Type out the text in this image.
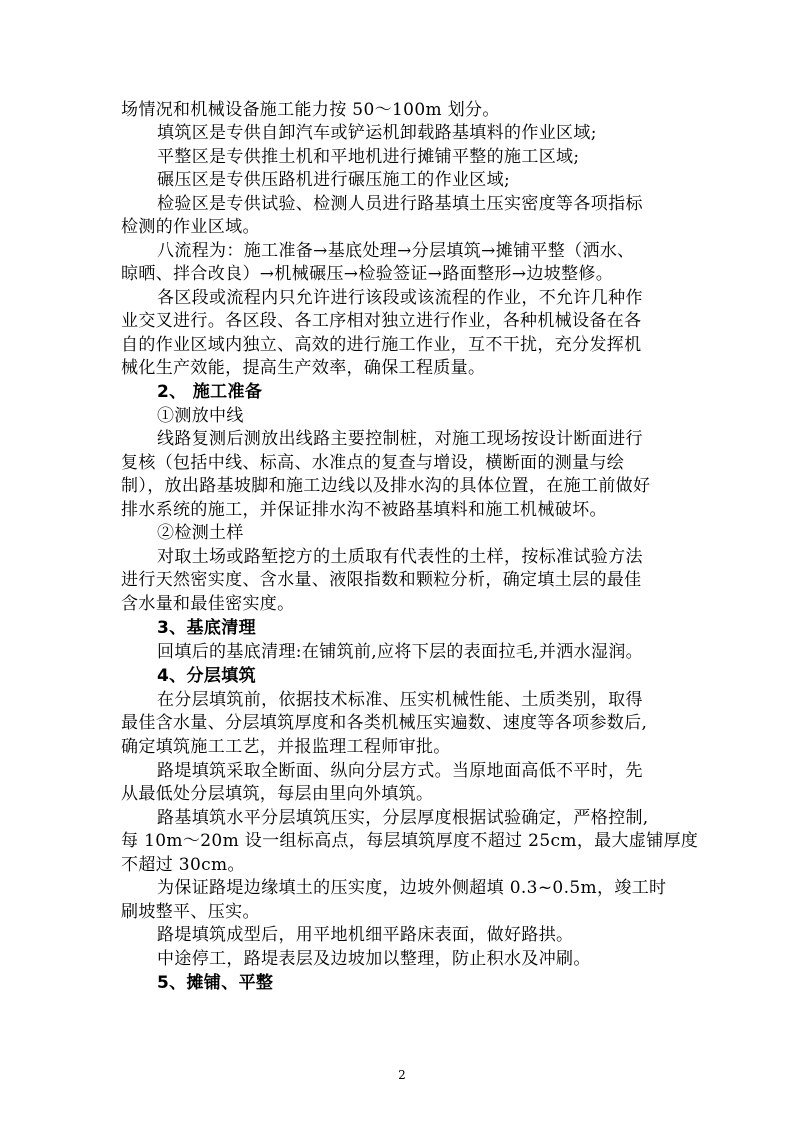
场情况和机械设备施工能力按 50～100m 划分。
填筑区是专供自卸汽车或铲运机卸载路基填料的作业区域;
平整区是专供推土机和平地机进行摊铺平整的施工区域;
碾压区是专供压路机进行碾压施工的作业区域;
检验区是专供试验、检测人员进行路基填土压实密度等各项指标
检测的作业区域。
八流程为：施工准备→基底处理→分层填筑→摊铺平整（洒水、
晾晒、拌合改良）→机械碾压→检验签证→路面整形→边坡整修。
各区段或流程内只允许进行该段或该流程的作业，不允许几种作
业交叉进行。各区段、各工序相对独立进行作业，各种机械设备在各
自的作业区域内独立、高效的进行施工作业，互不干扰，充分发挥机
械化生产效能，提高生产效率，确保工程质量。
2、 施工准备
①测放中线
线路复测后测放出线路主要控制桩，对施工现场按设计断面进行
复核（包括中线、标高、水准点的复查与增设，横断面的测量与绘
制），放出路基坡脚和施工边线以及排水沟的具体位置，在施工前做好
排水系统的施工，并保证排水沟不被路基填料和施工机械破坏。
②检测土样
对取土场或路堑挖方的土质取有代表性的土样，按标准试验方法
进行天然密实度、含水量、液限指数和颗粒分析，确定填土层的最佳
含水量和最佳密实度。
3、基底清理
回填后的基底清理:在铺筑前,应将下层的表面拉毛,并洒水湿润。
4、分层填筑
在分层填筑前，依据技术标准、压实机械性能、土质类别，取得
最佳含水量、分层填筑厚度和各类机械压实遍数、速度等各项参数后,
确定填筑施工工艺，并报监理工程师审批。
路堤填筑采取全断面、纵向分层方式。当原地面高低不平时，先
从最低处分层填筑，每层由里向外填筑。
路基填筑水平分层填筑压实，分层厚度根据试验确定，严格控制,
每 10m～20m 设一组标高点，每层填筑厚度不超过 25cm，最大虚铺厚度
不超过 30cm。
为保证路堤边缘填土的压实度，边坡外侧超填 0.3~0.5m，竣工时
刷坡整平、压实。
路堤填筑成型后，用平地机细平路床表面，做好路拱。
中途停工，路堤表层及边坡加以整理，防止积水及冲刷。
5、摊铺、平整
2
